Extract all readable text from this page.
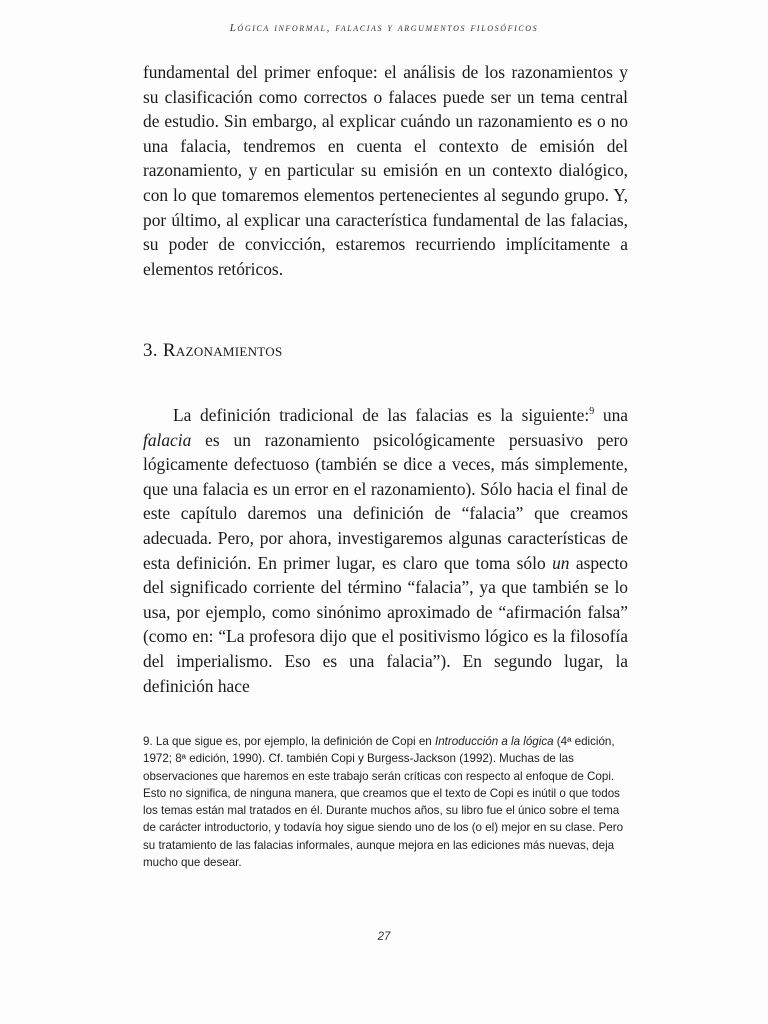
Lógica informal, falacias y argumentos filosóficos

fundamental del primer enfoque: el análisis de los razonamientos y su clasificación como correctos o falaces puede ser un tema central de estudio. Sin embargo, al explicar cuándo un razonamiento es o no una falacia, tendremos en cuenta el contexto de emisión del razonamiento, y en particular su emisión en un contexto dialógico, con lo que tomaremos elementos pertenecientes al segundo grupo. Y, por último, al explicar una característica fundamental de las falacias, su poder de convicción, estaremos recurriendo implícitamente a elementos retóricos.

3. Razonamientos

La definición tradicional de las falacias es la siguiente:$^9$ una falacia es un razonamiento psicológicamente persuasivo pero lógicamente defectuoso (también se dice a veces, más simplemente, que una falacia es un error en el razonamiento). Sólo hacia el final de este capítulo daremos una definición de “falacia” que creamos adecuada. Pero, por ahora, investigaremos algunas características de esta definición. En primer lugar, es claro que toma sólo un aspecto del significado corriente del término “falacia”, ya que también se lo usa, por ejemplo, como sinónimo aproximado de “afirmación falsa” (como en: “La profesora dijo que el positivismo lógico es la filosofía del imperialismo. Eso es una falacia”). En segundo lugar, la definición hace

9. La que sigue es, por ejemplo, la definición de Copi en Introducción a la lógica (4ª edición, 1972; 8ª edición, 1990). Cf. también Copi y Burgess-Jackson (1992). Muchas de las observaciones que haremos en este trabajo serán críticas con respecto al enfoque de Copi. Esto no significa, de ninguna manera, que creamos que el texto de Copi es inútil o que todos los temas están mal tratados en él. Durante muchos años, su libro fue el único sobre el tema de carácter introductorio, y todavía hoy sigue siendo uno de los (o el) mejor en su clase. Pero su tratamiento de las falacias informales, aunque mejora en las ediciones más nuevas, deja mucho que desear.

27
